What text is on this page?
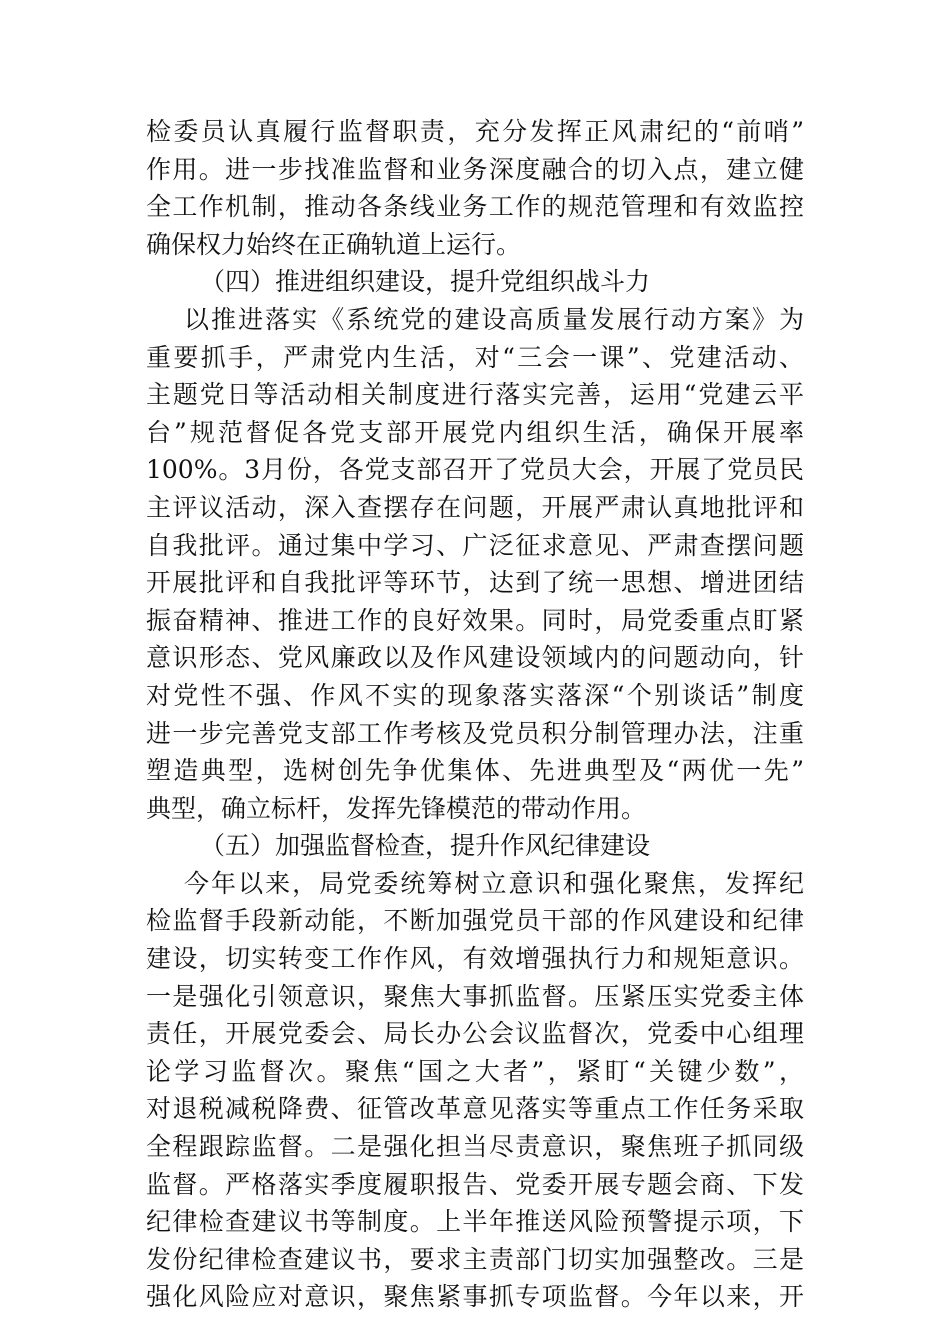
检委员认真履行监督职责，充分发挥正风肃纪的“前哨”
作用。进一步找准监督和业务深度融合的切入点，建立健
全工作机制，推动各条线业务工作的规范管理和有效监控
确保权力始终在正确轨道上运行。
（四）推进组织建设，提升党组织战斗力
以推进落实《系统党的建设高质量发展行动方案》为
重要抓手，严肃党内生活，对“三会一课”、党建活动、
主题党日等活动相关制度进行落实完善，运用“党建云平
台”规范督促各党支部开展党内组织生活，确保开展率
100%。3月份，各党支部召开了党员大会，开展了党员民
主评议活动，深入查摆存在问题，开展严肃认真地批评和
自我批评。通过集中学习、广泛征求意见、严肃查摆问题
开展批评和自我批评等环节，达到了统一思想、增进团结
振奋精神、推进工作的良好效果。同时，局党委重点盯紧
意识形态、党风廉政以及作风建设领域内的问题动向，针
对党性不强、作风不实的现象落实落深“个别谈话”制度
进一步完善党支部工作考核及党员积分制管理办法，注重
塑造典型，选树创先争优集体、先进典型及“两优一先”
典型，确立标杆，发挥先锋模范的带动作用。
（五）加强监督检查，提升作风纪律建设
今年以来，局党委统筹树立意识和强化聚焦，发挥纪
检监督手段新动能，不断加强党员干部的作风建设和纪律
建设，切实转变工作作风，有效增强执行力和规矩意识。
一是强化引领意识，聚焦大事抓监督。压紧压实党委主体
责任，开展党委会、局长办公会议监督次，党委中心组理
论学习监督次。聚焦“国之大者”，紧盯“关键少数”，
对退税减税降费、征管改革意见落实等重点工作任务采取
全程跟踪监督。二是强化担当尽责意识，聚焦班子抓同级
监督。严格落实季度履职报告、党委开展专题会商、下发
纪律检查建议书等制度。上半年推送风险预警提示项，下
发份纪律检查建议书，要求主责部门切实加强整改。三是
强化风险应对意识，聚焦紧事抓专项监督。今年以来，开
